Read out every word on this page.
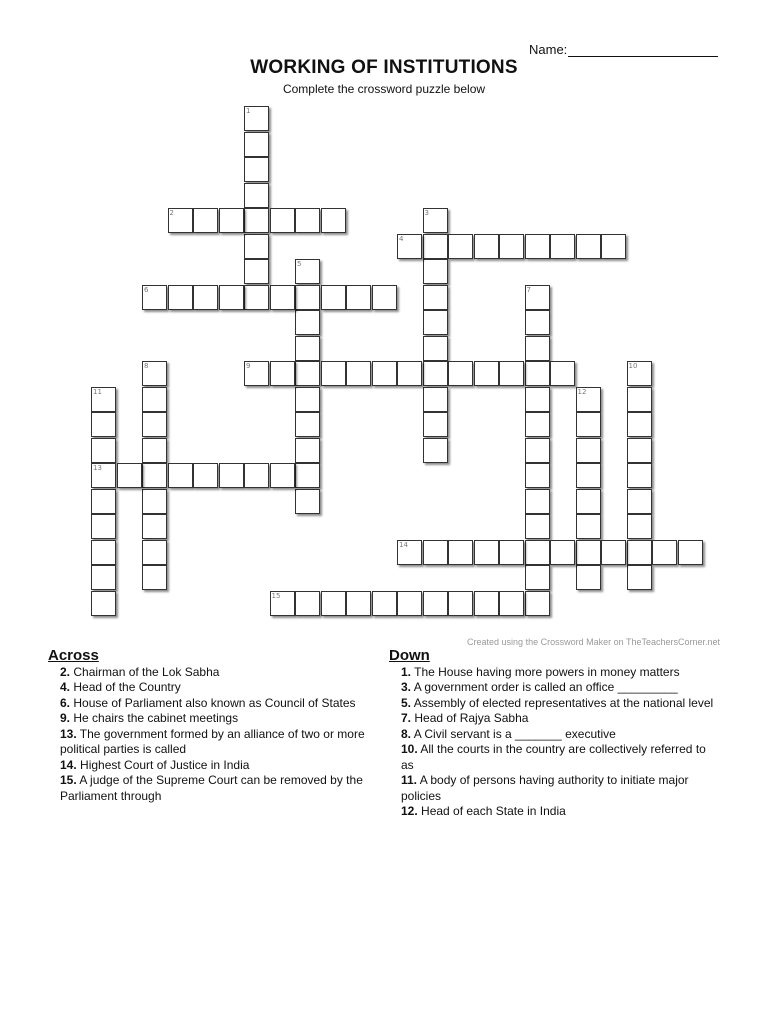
Name:
WORKING OF INSTITUTIONS
Complete the crossword puzzle below
1
2	3
4
5
6	7
8	9	10
11
13
12
14
15
Created using the Crossword Maker on TheTeachersCorner.net
Across
2. Chairman of the Lok Sabha
4. Head of the Country
6. House of Parliament also known as Council of States
9. He chairs the cabinet meetings
13. The government formed by an alliance of two or more political parties is called
14. Highest Court of Justice in India
15. A judge of the Supreme Court can be removed by the Parliament through
Down
1. The House having more powers in money matters
3. A government order is called an office _________
5. Assembly of elected representatives at the national level
7. Head of Rajya Sabha
8. A Civil servant is a _______ executive
10. All the courts in the country are collectively referred to as
11. A body of persons having authority to initiate major policies
12. Head of each State in India
